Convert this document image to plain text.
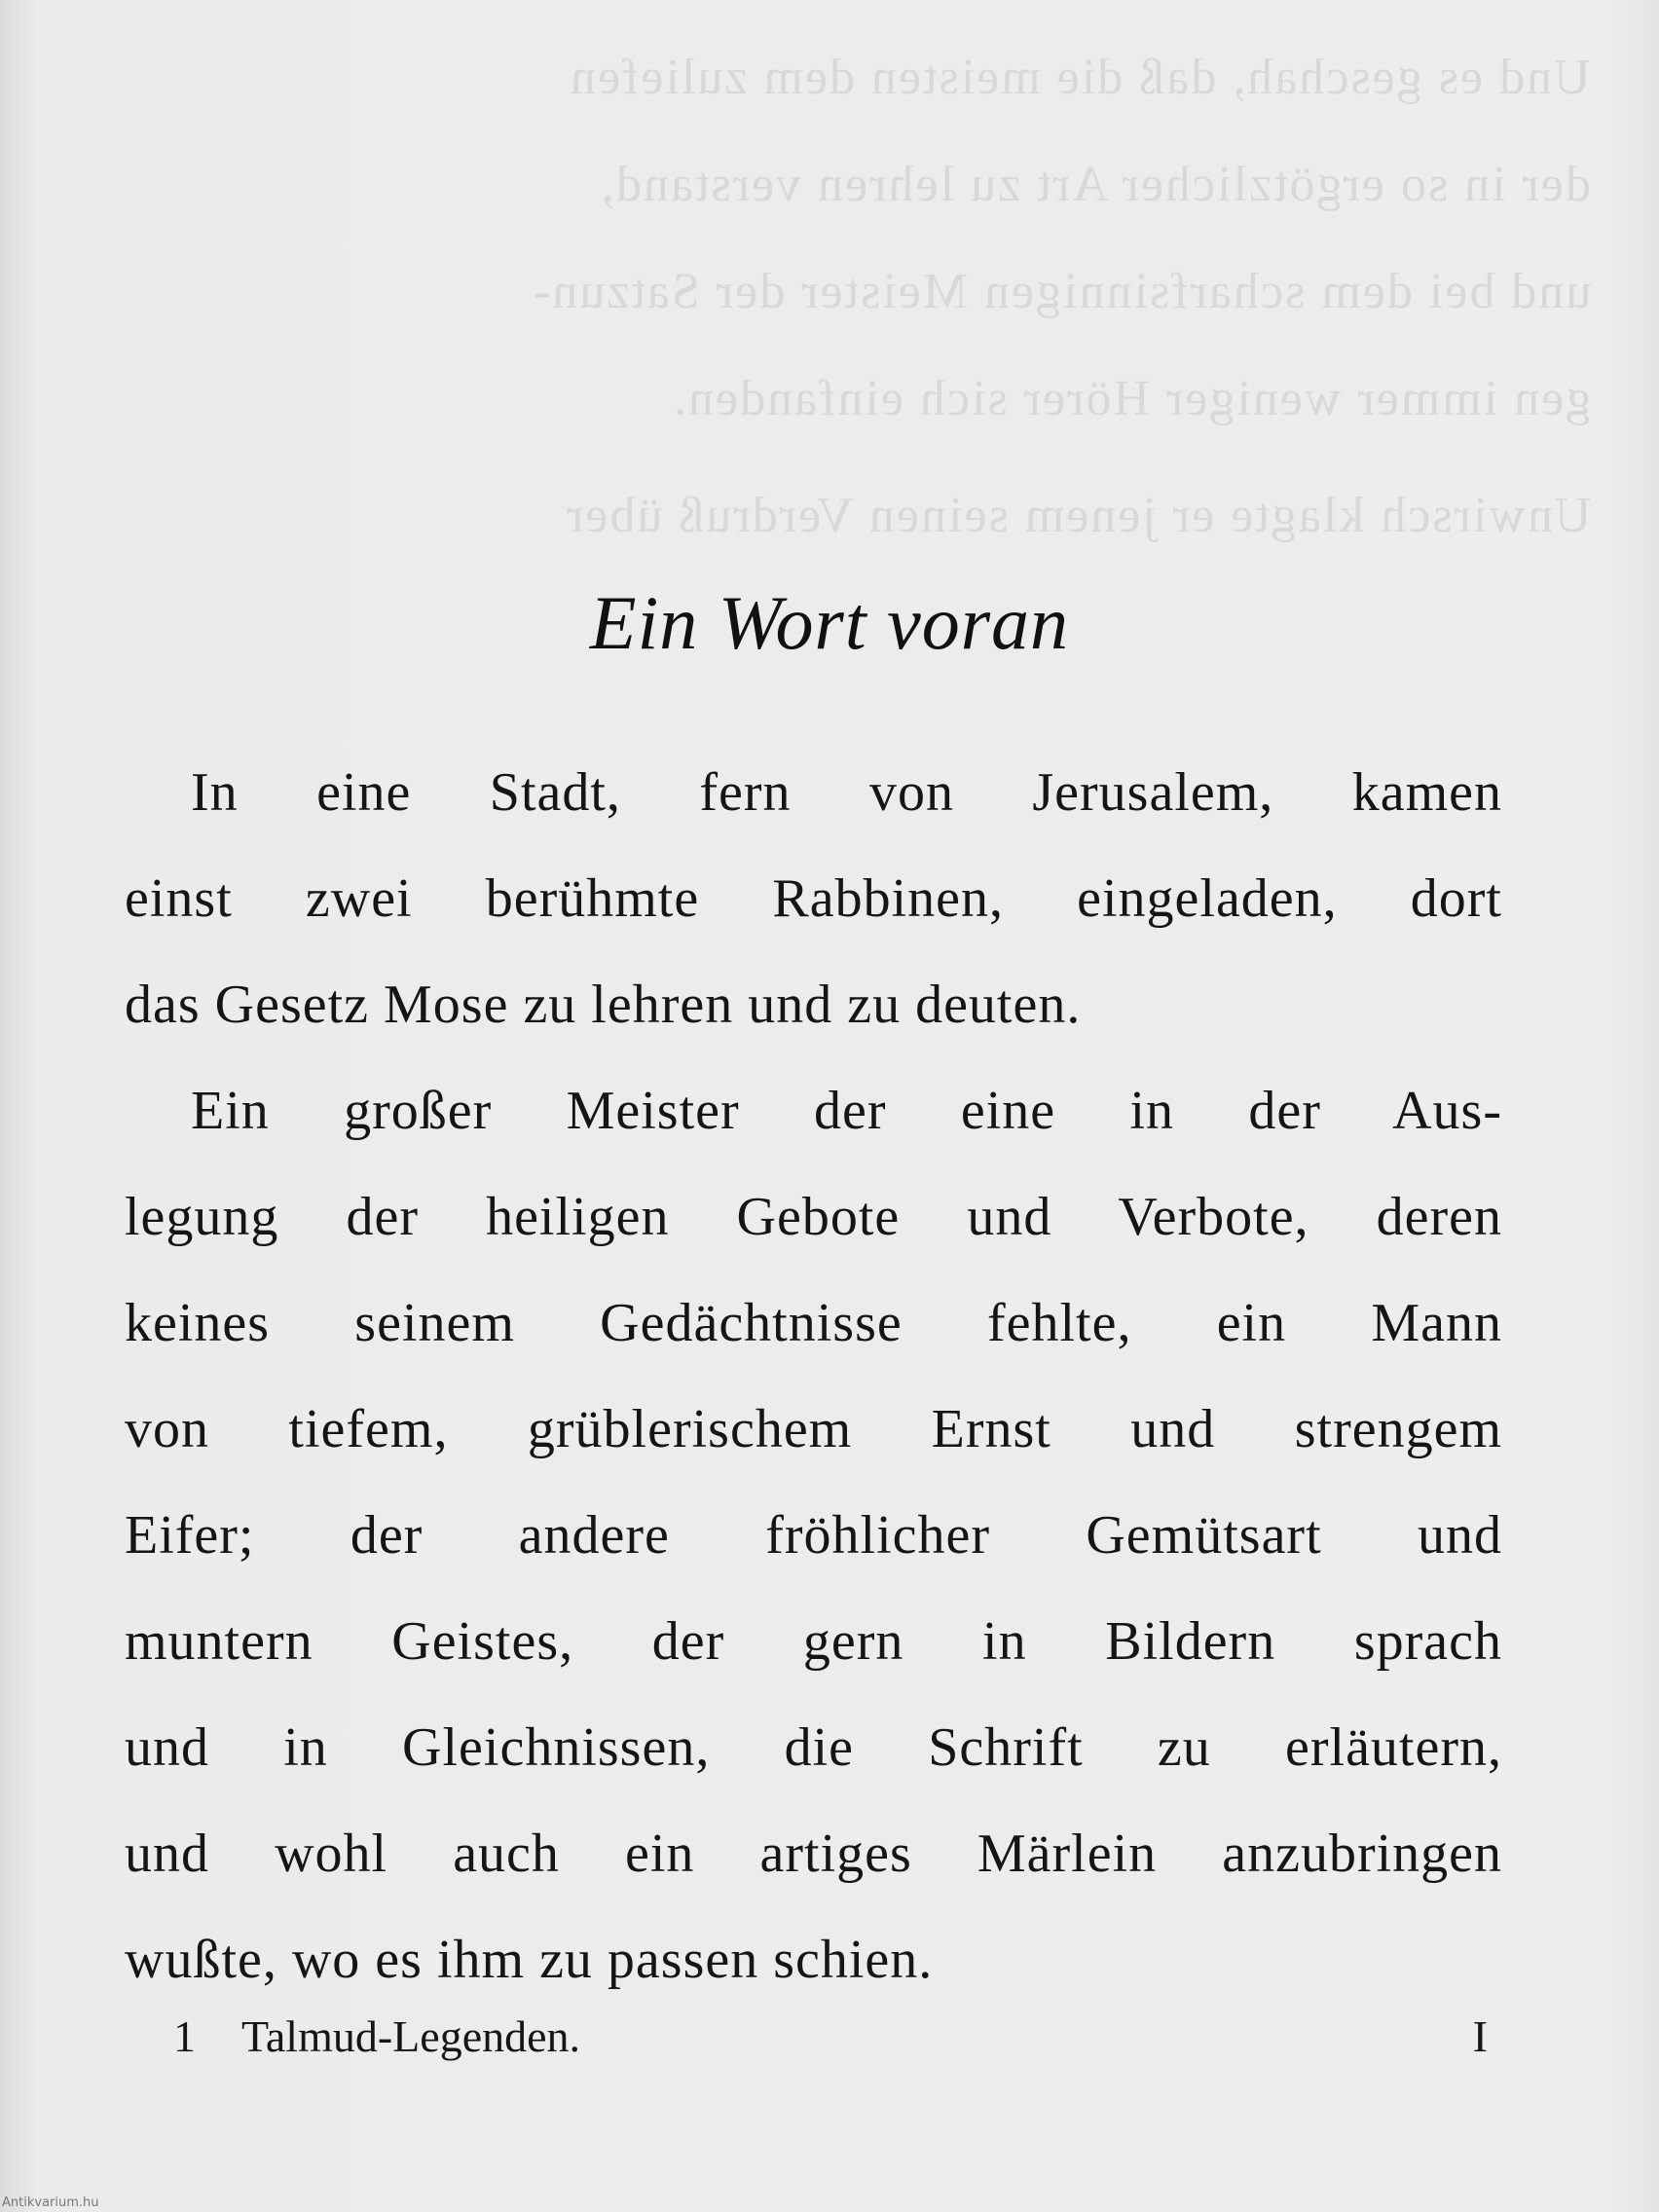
Und es geschah, daß die meisten dem zuliefen
der in so ergötzlicher Art zu lehren verstand,
und bei dem scharfsinnigen Meister der Satzun-
gen immer weniger Hörer sich einfanden.
Unwirsch klagte er jenem seinen Verdruß über
Ein Wort voran
In eine Stadt, fern von Jerusalem, kamen
einst zwei berühmte Rabbinen, eingeladen, dort
das Gesetz Mose zu lehren und zu deuten.
Ein großer Meister der eine in der Aus-
legung der heiligen Gebote und Verbote, deren
keines seinem Gedächtnisse fehlte, ein Mann
von tiefem, grüblerischem Ernst und strengem
Eifer; der andere fröhlicher Gemütsart und
muntern Geistes, der gern in Bildern sprach
und in Gleichnissen, die Schrift zu erläutern,
und wohl auch ein artiges Märlein anzubringen
wußte, wo es ihm zu passen schien.
1 Talmud-Legenden.	I
Antikvarium.hu
